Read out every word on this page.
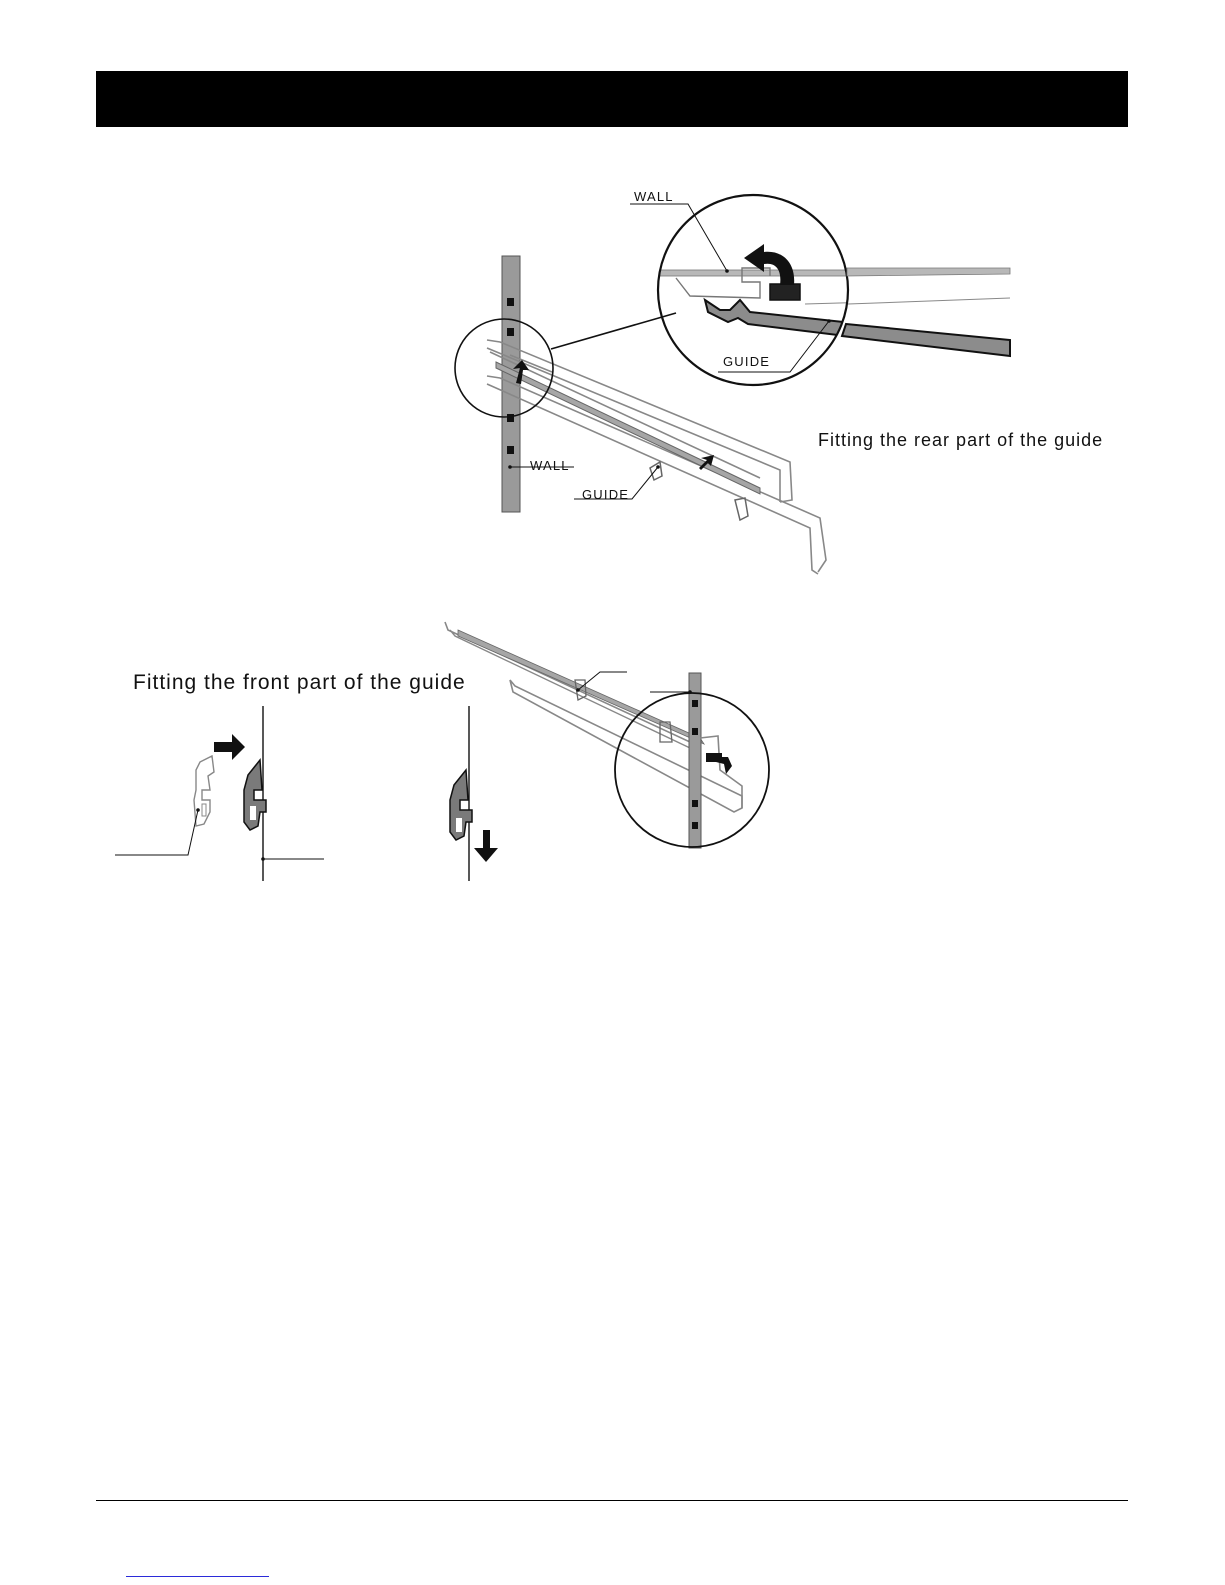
WALL
GUIDE
WALL
GUIDE
Fitting the rear part of the guide
Fitting the front part of the guide
